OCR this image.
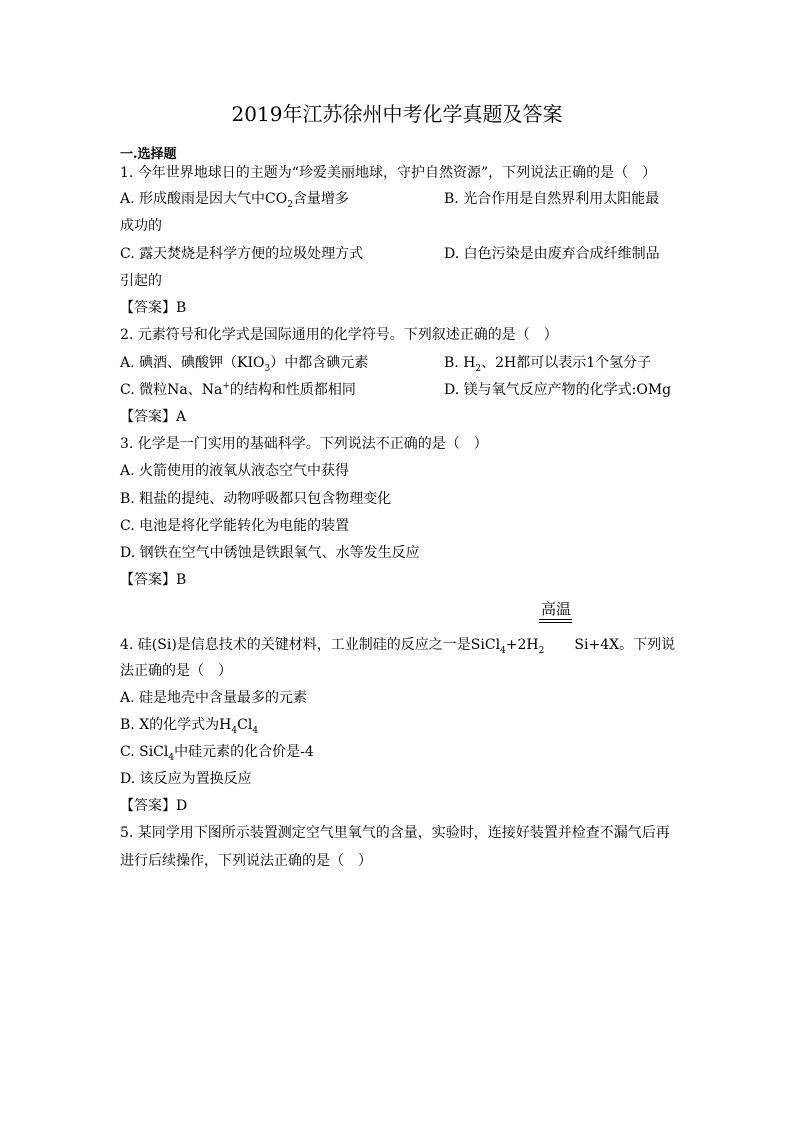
2019年江苏徐州中考化学真题及答案
一.选择题
1. 今年世界地球日的主题为“珍爱美丽地球，守护自然资源”，下列说法正确的是（　）
A. 形成酸雨是因大气中$CO_2$含量增多	B. 光合作用是自然界利用太阳能最
成功的
C. 露天焚烧是科学方便的垃圾处理方式	D. 白色污染是由废弃合成纤维制品
引起的
【答案】B
2. 元素符号和化学式是国际通用的化学符号。下列叙述正确的是（　）
A. 碘酒、碘酸钾$(KIO_3)$中都含碘元素	B. $H_2$、2H都可以表示1个氢分子
C. 微粒Na、Na+的结构和性质都相同	D. 镁与氧气反应产物的化学式:OMg
【答案】A
3. 化学是一门实用的基础科学。下列说法不正确的是（　）
A. 火箭使用的液氧从液态空气中获得
B. 粗盐的提纯、动物呼吸都只包含物理变化
C. 电池是将化学能转化为电能的装置
D. 钢铁在空气中锈蚀是铁跟氧气、水等发生反应
【答案】B
高温
4. 硅(Si)是信息技术的关键材料，工业制硅的反应之一是$SiCl_4+2H_2$ Si+4X。下列说
法正确的是（　）
A. 硅是地壳中含量最多的元素
B. X的化学式为$H_4Cl_4$
C. SiCl$_4$中硅元素的化合价是-4
D. 该反应为置换反应
【答案】D
5. 某同学用下图所示装置测定空气里氧气的含量，实验时，连接好装置并检查不漏气后再
进行后续操作，下列说法正确的是（　）
